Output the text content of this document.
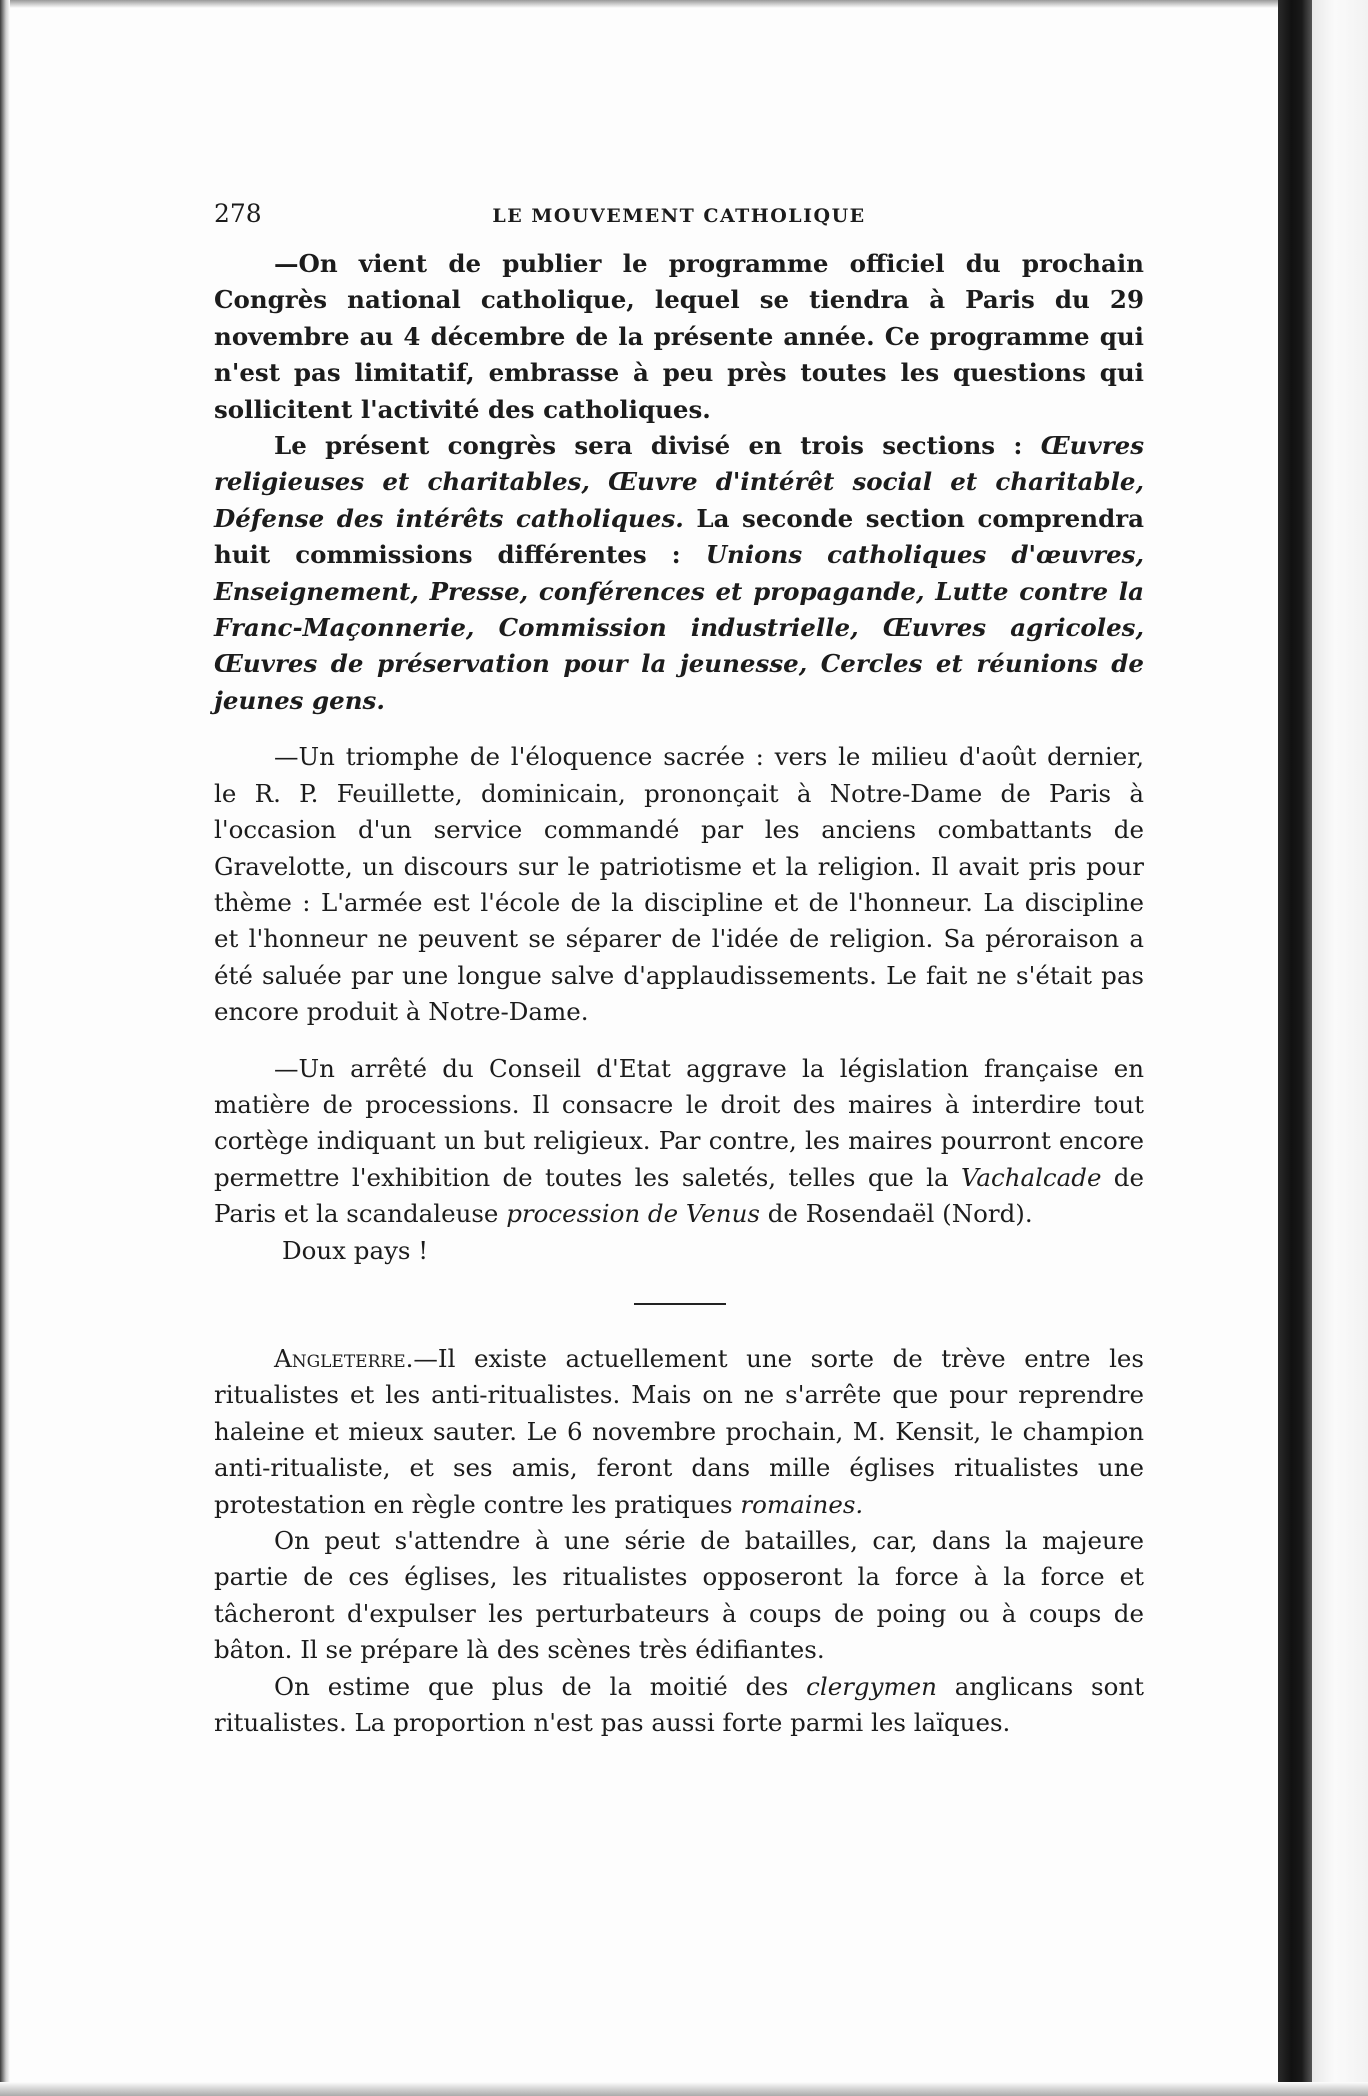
278	LE MOUVEMENT CATHOLIQUE

—On vient de publier le programme officiel du prochain Congrès national catholique, lequel se tiendra à Paris du 29 novembre au 4 décembre de la présente année. Ce programme qui n'est pas limitatif, embrasse à peu près toutes les questions qui sollicitent l'activité des catholiques.

Le présent congrès sera divisé en trois sections : Œuvres religieuses et charitables, Œuvre d'intérêt social et charitable, Défense des intérêts catholiques. La seconde section comprendra huit commissions différentes : Unions catholiques d'œuvres, Enseignement, Presse, conférences et propagande, Lutte contre la Franc-Maçonnerie, Commission industrielle, Œuvres agricoles, Œuvres de préservation pour la jeunesse, Cercles et réunions de jeunes gens.

—Un triomphe de l'éloquence sacrée : vers le milieu d'août dernier, le R. P. Feuillette, dominicain, prononçait à Notre-Dame de Paris à l'occasion d'un service commandé par les anciens combattants de Gravelotte, un discours sur le patriotisme et la religion. Il avait pris pour thème : L'armée est l'école de la discipline et de l'honneur. La discipline et l'honneur ne peuvent se séparer de l'idée de religion. Sa péroraison a été saluée par une longue salve d'applaudissements. Le fait ne s'était pas encore produit à Notre-Dame.

—Un arrêté du Conseil d'Etat aggrave la législation française en matière de processions. Il consacre le droit des maires à interdire tout cortège indiquant un but religieux. Par contre, les maires pourront encore permettre l'exhibition de toutes les saletés, telles que la Vachalcade de Paris et la scandaleuse procession de Venus de Rosendaël (Nord).

Doux pays !

Angleterre.—Il existe actuellement une sorte de trève entre les ritualistes et les anti-ritualistes. Mais on ne s'arrête que pour reprendre haleine et mieux sauter. Le 6 novembre prochain, M. Kensit, le champion anti-ritualiste, et ses amis, feront dans mille églises ritualistes une protestation en règle contre les pratiques romaines.

On peut s'attendre à une série de batailles, car, dans la majeure partie de ces églises, les ritualistes opposeront la force à la force et tâcheront d'expulser les perturbateurs à coups de poing ou à coups de bâton. Il se prépare là des scènes très édifiantes.

On estime que plus de la moitié des clergymen anglicans sont ritualistes. La proportion n'est pas aussi forte parmi les laïques.
